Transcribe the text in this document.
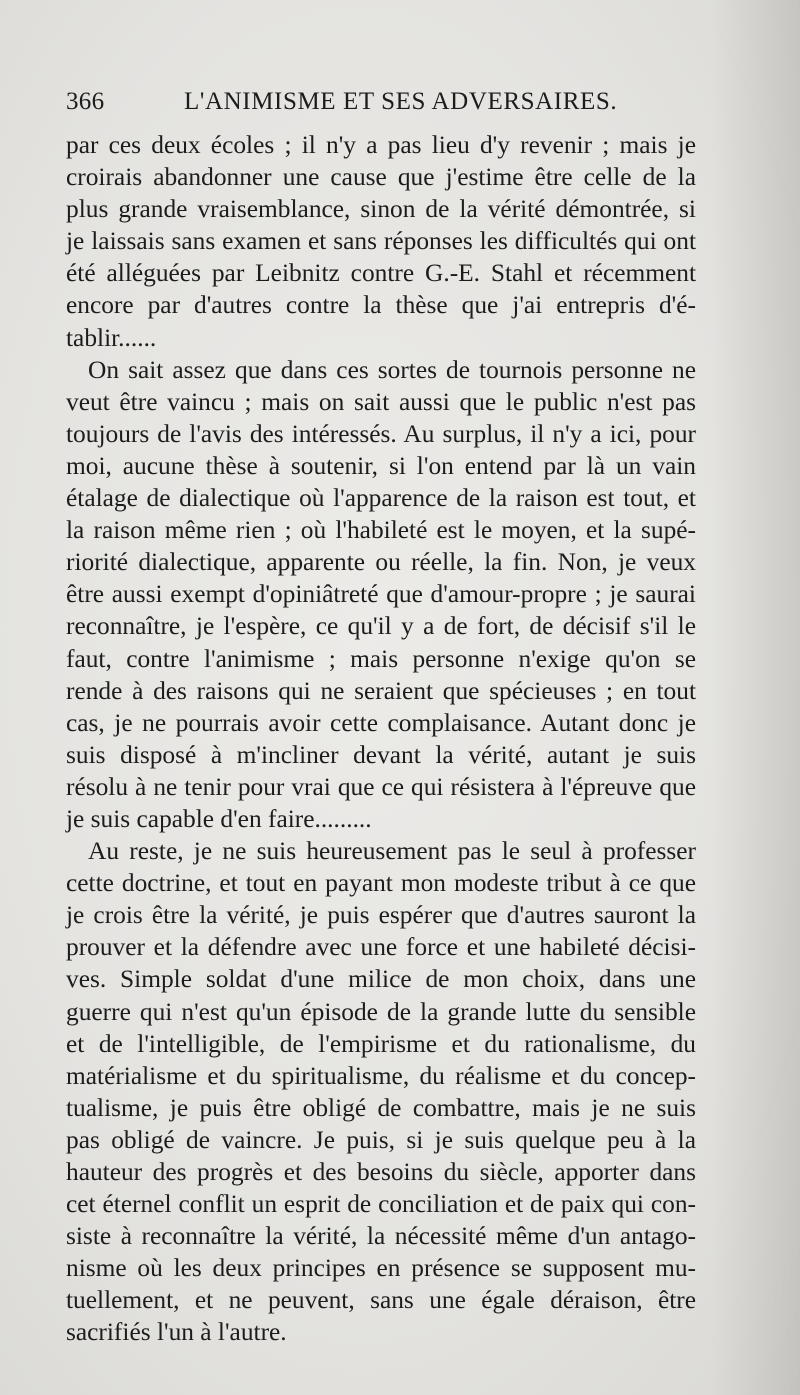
366	L'ANIMISME ET SES ADVERSAIRES.
par ces deux écoles ; il n'y a pas lieu d'y revenir ; mais je
croirais abandonner une cause que j'estime être celle de la
plus grande vraisemblance, sinon de la vérité démontrée, si
je laissais sans examen et sans réponses les difficultés qui ont
été alléguées par Leibnitz contre G.-E. Stahl et récemment
encore par d'autres contre la thèse que j'ai entrepris d'é-
tablir......
On sait assez que dans ces sortes de tournois personne ne
veut être vaincu ; mais on sait aussi que le public n'est pas
toujours de l'avis des intéressés. Au surplus, il n'y a ici, pour
moi, aucune thèse à soutenir, si l'on entend par là un vain
étalage de dialectique où l'apparence de la raison est tout, et
la raison même rien ; où l'habileté est le moyen, et la supé-
riorité dialectique, apparente ou réelle, la fin. Non, je veux
être aussi exempt d'opiniâtreté que d'amour-propre ; je saurai
reconnaître, je l'espère, ce qu'il y a de fort, de décisif s'il le
faut, contre l'animisme ; mais personne n'exige qu'on se
rende à des raisons qui ne seraient que spécieuses ; en tout
cas, je ne pourrais avoir cette complaisance. Autant donc je
suis disposé à m'incliner devant la vérité, autant je suis
résolu à ne tenir pour vrai que ce qui résistera à l'épreuve que
je suis capable d'en faire.........
Au reste, je ne suis heureusement pas le seul à professer
cette doctrine, et tout en payant mon modeste tribut à ce que
je crois être la vérité, je puis espérer que d'autres sauront la
prouver et la défendre avec une force et une habileté décisi-
ves. Simple soldat d'une milice de mon choix, dans une
guerre qui n'est qu'un épisode de la grande lutte du sensible
et de l'intelligible, de l'empirisme et du rationalisme, du
matérialisme et du spiritualisme, du réalisme et du concep-
tualisme, je puis être obligé de combattre, mais je ne suis
pas obligé de vaincre. Je puis, si je suis quelque peu à la
hauteur des progrès et des besoins du siècle, apporter dans
cet éternel conflit un esprit de conciliation et de paix qui con-
siste à reconnaître la vérité, la nécessité même d'un antago-
nisme où les deux principes en présence se supposent mu-
tuellement, et ne peuvent, sans une égale déraison, être
sacrifiés l'un à l'autre.
